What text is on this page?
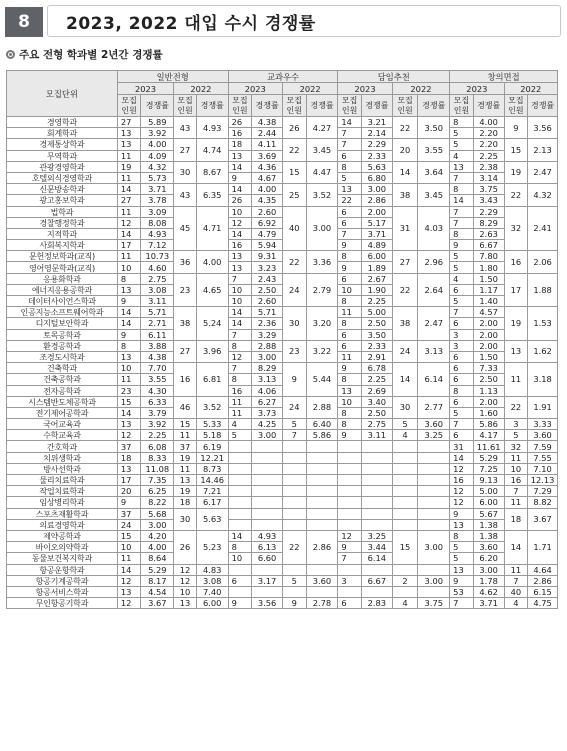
8	2023, 2022 대입 수시 경쟁률
주요 전형 학과별 2년간 경쟁률
모집단위	일반전형				교과우수				담임추천				창의면접			
	2023		2022		2023		2022		2023		2022		2023		2022	
	모집 인원	경쟁률	모집 인원	경쟁률	모집 인원	경쟁률	모집 인원	경쟁률	모집 인원	경쟁률	모집 인원	경쟁률	모집 인원	경쟁률	모집 인원	경쟁률
경영학과	27	5.89	43	4.93	26	4.38	26	4.27	14	3.21	22	3.50	8	4.00	9	3.56
회계학과	13	3.92			16	2.44			7	2.14			5	2.20		
경제통상학과	13	4.00	27	4.74	18	4.11	22	3.45	7	2.29	20	3.55	5	2.20	15	2.13
무역학과	11	4.09			13	3.69			6	2.33			4	2.25		
관광경영학과	19	4.32	30	8.67	14	4.36	15	4.47	8	5.63	14	3.64	13	2.38	19	2.47
호텔외식경영학과	11	5.73			9	4.67			5	6.80			7	3.14		
신문방송학과	14	3.71	43	6.35	14	4.00	25	3.52	13	3.00	38	3.45	8	3.75	22	4.32
광고홍보학과	27	3.78			26	4.35			22	2.86			14	3.43		
법학과	11	3.09	45	4.71	10	2.60	40	3.00	6	2.00	31	4.03	7	2.29	32	2.41
경찰행정학과	12	8.08			12	6.92			6	5.17			7	8.29		
지적학과	14	4.93			14	4.79			7	3.71			8	2.63		
사회복지학과	17	7.12			16	5.94			9	4.89			9	6.67		
문헌정보학과(교직)	11	10.73	36	4.00	13	9.31	22	3.36	8	6.00	27	2.96	5	7.80	16	2.06
영어영문학과(교직)	10	4.60			13	3.23			9	1.89			5	1.80		
응용화학과	8	2.75	23	4.65	7	2.43	24	2.79	6	2.67	22	2.64	4	1.50	17	1.88
에너지응용공학과	13	3.08			10	2.50			10	1.90			6	1.17		
데이터사이언스학과	9	3.11			10	2.60			8	2.25			5	1.40		
인공지능소프트웨어학과	14	5.71	38	5.24	14	5.71	30	3.20	11	5.00	38	2.47	7	4.57	19	1.53
디지털보안학과	14	2.71			14	2.36			8	2.50			6	2.00		
토목공학과	9	6.11			7	3.29			6	3.50			3	2.00		
환경공학과	8	3.88	27	3.96	8	2.88	23	3.22	6	2.33	24	3.13	3	2.00	13	1.62
조경도시학과	13	4.38			12	3.00			11	2.91			6	1.50		
건축학과	10	7.70	16	6.81	7	8.29	9	5.44	9	6.78	14	6.14	6	7.33	11	3.18
건축공학과	11	3.55			8	3.13			8	2.25			6	2.50		
전자공학과	23	4.30			16	4.06			13	2.69			8	1.13		
시스템반도체공학과	15	6.33	46	3.52	11	6.27	24	2.88	10	3.40	30	2.77	6	2.00	22	1.91
전기제어공학과	14	3.79			11	3.73			8	2.50			5	1.60		
국어교육과	13	3.92	15	5.33	4	4.25	5	6.40	8	2.75	5	3.60	7	5.86	3	3.33
수학교육과	12	2.25	11	5.18	5	3.00	7	5.86	9	3.11	4	3.25	6	4.17	5	3.60
간호학과	37	6.08	37	6.19									31	11.61	32	7.59
치위생학과	18	8.33	19	12.21									14	5.29	11	7.55
방사선학과	13	11.08	11	8.73									12	7.25	10	7.10
물리치료학과	17	7.35	13	14.46									16	9.13	16	12.13
작업치료학과	20	6.25	19	7.21									12	5.00	7	7.29
임상병리학과	9	8.22	18	6.17									12	6.00	11	8.82
스포츠재활학과	37	5.68	30	5.63									9	5.67	18	3.67
의료경영학과	24	3.00											13	1.38		
제약공학과	15	4.20	26	5.23	14	4.93	22	2.86	12	3.25	15	3.00	8	1.38	14	1.71
바이오의약학과	10	4.00			8	6.13			9	3.44			5	3.60		
동물보건복지학과	11	8.64			10	6.60			7	6.14			5	6.20		
항공운항학과	14	5.29	12	4.83									13	3.00	11	4.64
항공기계공학과	12	8.17	12	3.08	6	3.17	5	3.60	3	6.67	2	3.00	9	1.78	7	2.86
항공서비스학과	13	4.54	10	7.40									53	4.62	40	6.15
무인항공기학과	12	3.67	13	6.00	9	3.56	9	2.78	6	2.83	4	3.75	7	3.71	4	4.75
